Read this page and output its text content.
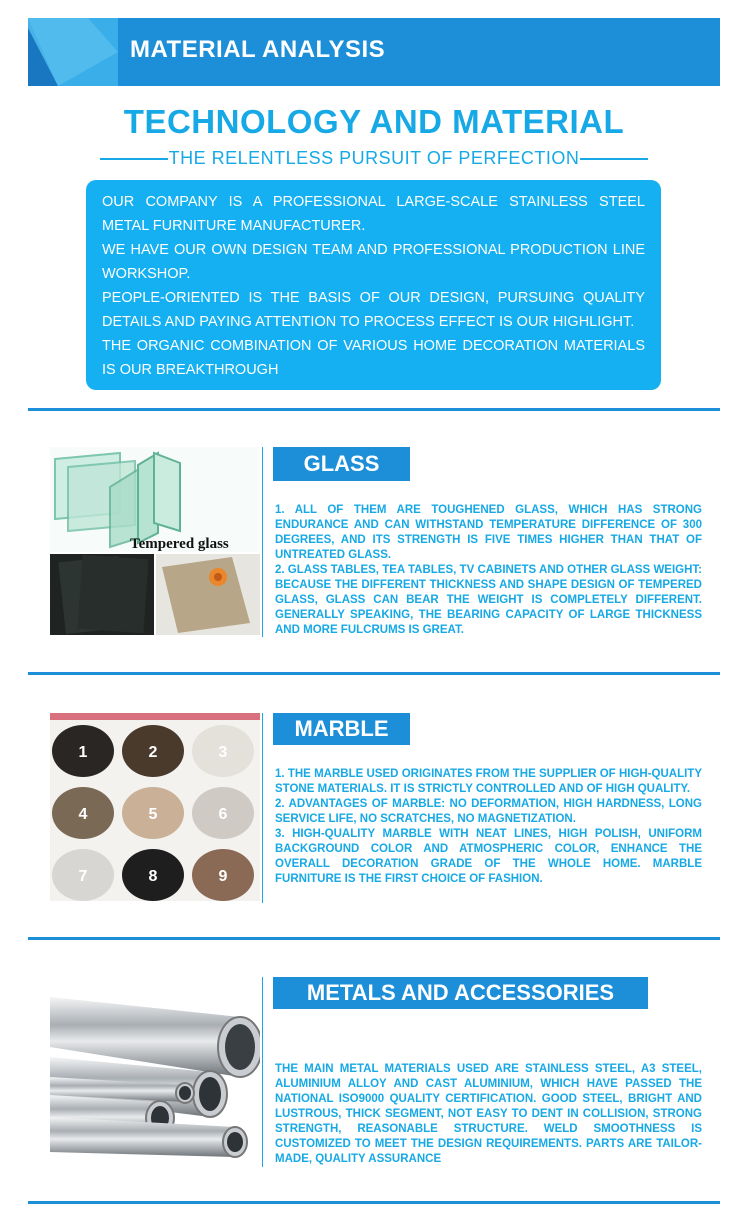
MATERIAL ANALYSIS
TECHNOLOGY AND MATERIAL
THE RELENTLESS PURSUIT OF PERFECTION

OUR COMPANY IS A PROFESSIONAL LARGE-SCALE STAINLESS STEEL METAL FURNITURE MANUFACTURER.

WE HAVE OUR OWN DESIGN TEAM AND PROFESSIONAL PRODUCTION LINE WORKSHOP.

PEOPLE-ORIENTED IS THE BASIS OF OUR DESIGN, PURSUING QUALITY DETAILS AND PAYING ATTENTION TO PROCESS EFFECT IS OUR HIGHLIGHT.

THE ORGANIC COMBINATION OF VARIOUS HOME DECORATION MATERIALS IS OUR BREAKTHROUGH

Tempered glass
GLASS

1. ALL OF THEM ARE TOUGHENED GLASS, WHICH HAS STRONG ENDURANCE AND CAN WITHSTAND TEMPERATURE DIFFERENCE OF 300 DEGREES, AND ITS STRENGTH IS FIVE TIMES HIGHER THAN THAT OF UNTREATED GLASS.

2. GLASS TABLES, TEA TABLES, TV CABINETS AND OTHER GLASS WEIGHT: BECAUSE THE DIFFERENT THICKNESS AND SHAPE DESIGN OF TEMPERED GLASS, GLASS CAN BEAR THE WEIGHT IS COMPLETELY DIFFERENT. GENERALLY SPEAKING, THE BEARING CAPACITY OF LARGE THICKNESS AND MORE FULCRUMS IS GREAT.

1	2	3
4	5	6
7	8	9
MARBLE

1. THE MARBLE USED ORIGINATES FROM THE SUPPLIER OF HIGH-QUALITY STONE MATERIALS. IT IS STRICTLY CONTROLLED AND OF HIGH QUALITY.

2. ADVANTAGES OF MARBLE: NO DEFORMATION, HIGH HARDNESS, LONG SERVICE LIFE, NO SCRATCHES, NO MAGNETIZATION.

3. HIGH-QUALITY MARBLE WITH NEAT LINES, HIGH POLISH, UNIFORM BACKGROUND COLOR AND ATMOSPHERIC COLOR, ENHANCE THE OVERALL DECORATION GRADE OF THE WHOLE HOME. MARBLE FURNITURE IS THE FIRST CHOICE OF FASHION.

METALS AND ACCESSORIES

THE MAIN METAL MATERIALS USED ARE STAINLESS STEEL, A3 STEEL, ALUMINIUM ALLOY AND CAST ALUMINIUM, WHICH HAVE PASSED THE NATIONAL ISO9000 QUALITY CERTIFICATION. GOOD STEEL, BRIGHT AND LUSTROUS, THICK SEGMENT, NOT EASY TO DENT IN COLLISION, STRONG STRENGTH, REASONABLE STRUCTURE. WELD SMOOTHNESS IS CUSTOMIZED TO MEET THE DESIGN REQUIREMENTS. PARTS ARE TAILOR-MADE, QUALITY ASSURANCE
